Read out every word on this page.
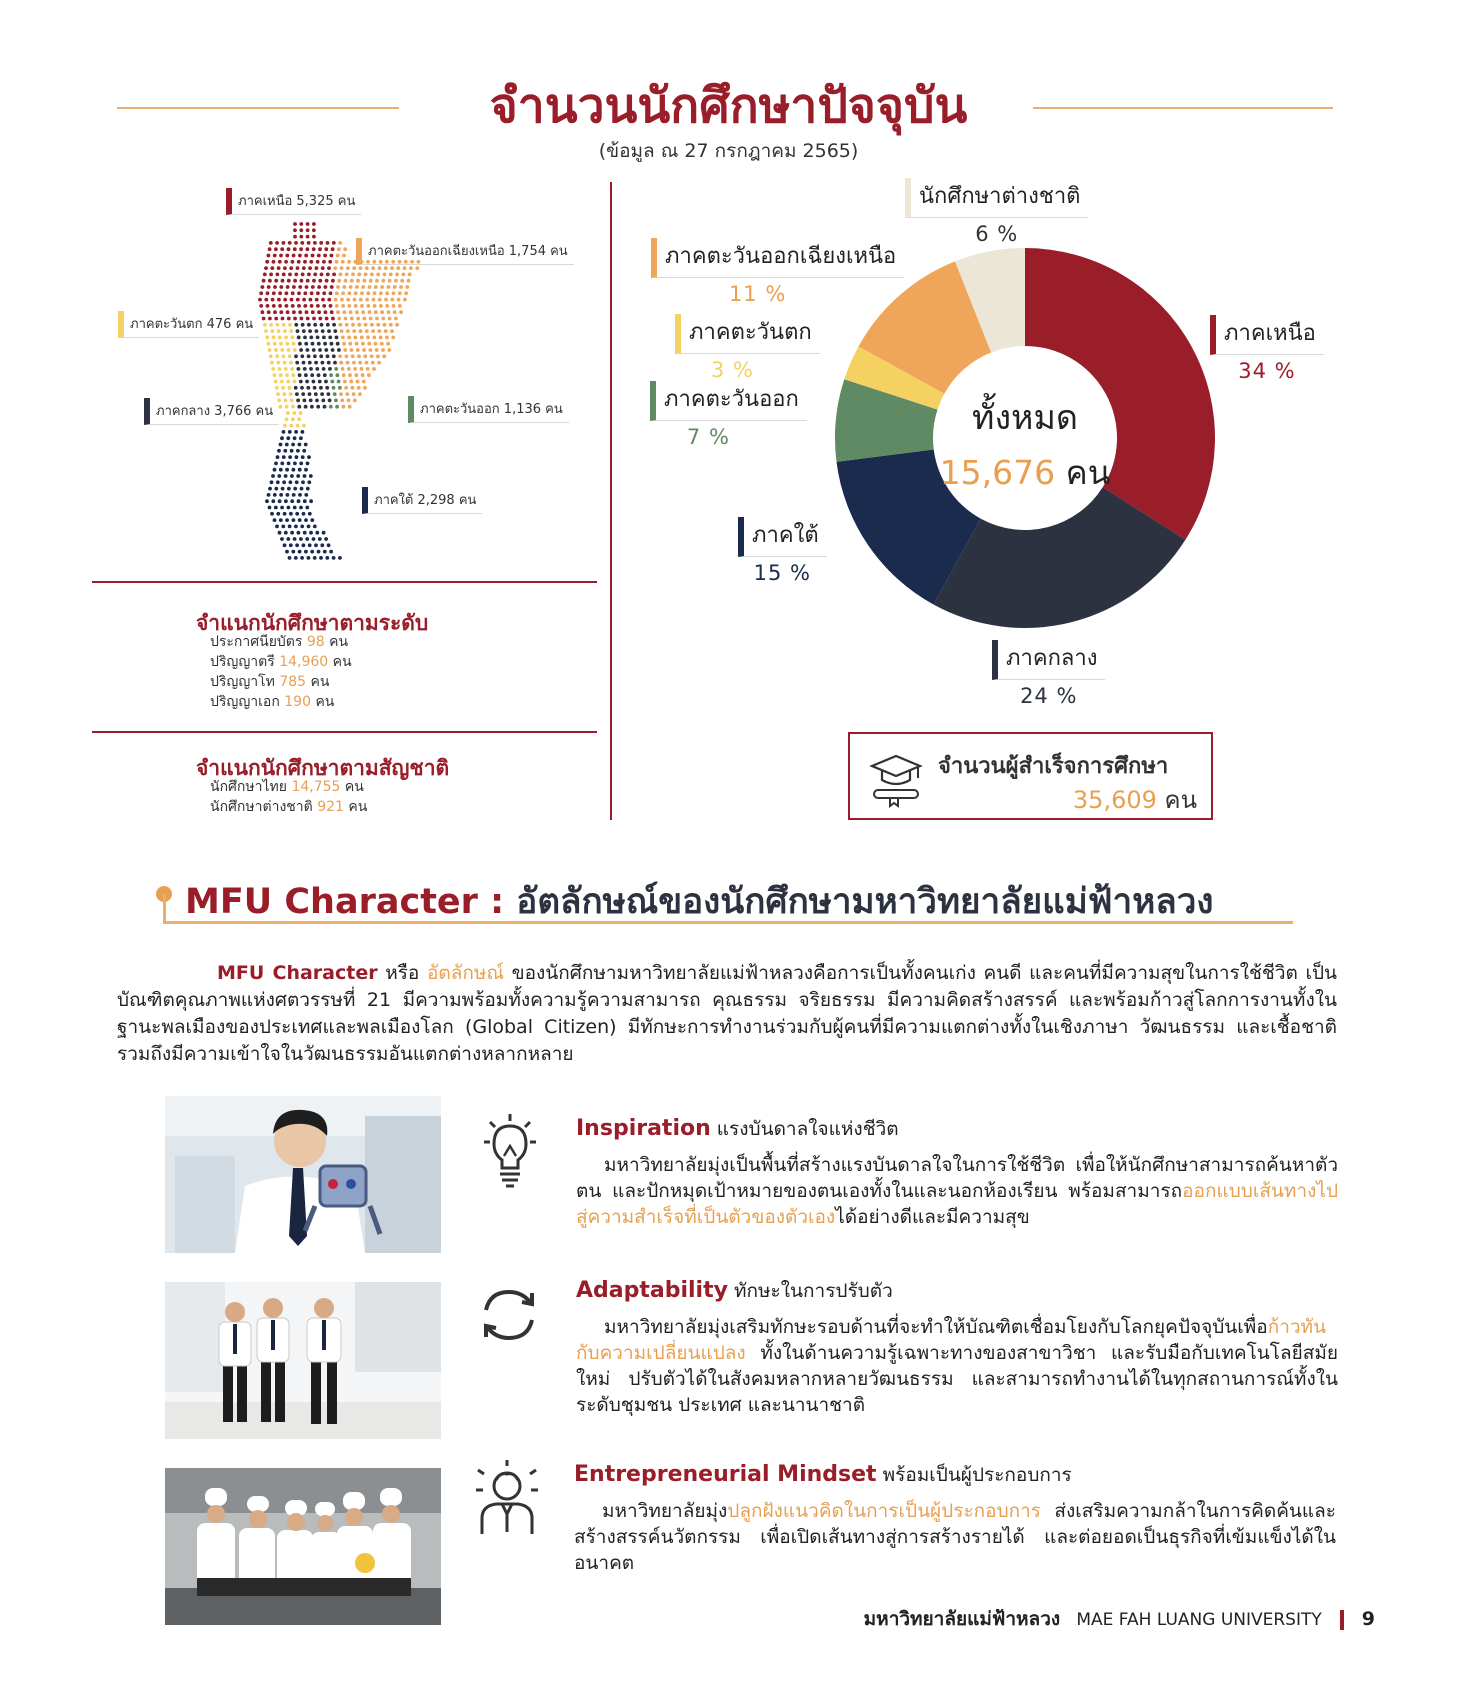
จำนวนนักศึกษาปัจจุบัน
(ข้อมูล ณ 27 กรกฎาคม 2565)
ภาคเหนือ 5,325 คน
ภาคตะวันออกเฉียงเหนือ 1,754 คน
ภาคตะวันตก 476 คน
ภาคกลาง 3,766 คน	ภาคตะวันออก 1,136 คน
ภาคใต้ 2,298 คน
จำแนกนักศึกษาตามระดับ
ประกาศนียบัตร 98 คน
ปริญญาตรี 14,960 คน
ปริญญาโท 785 คน
ปริญญาเอก 190 คน
จำแนกนักศึกษาตามสัญชาติ
นักศึกษาไทย 14,755 คน
นักศึกษาต่างชาติ 921 คน
ทั้งหมด
15,676 คน
นักศึกษาต่างชาติ
6 %
ภาคตะวันออกเฉียงเหนือ
11 %
ภาคตะวันตก
3 %
ภาคตะวันออก
7 %
ภาคใต้
15 %
ภาคกลาง
24 %
ภาคเหนือ
34 %
จำนวนผู้สำเร็จการศึกษา
35,609 คน
MFU Character : อัตลักษณ์ของนักศึกษามหาวิทยาลัยแม่ฟ้าหลวง
MFU Character หรือ อัตลักษณ์ ของนักศึกษามหาวิทยาลัยแม่ฟ้าหลวงคือการเป็นทั้งคนเก่ง คนดี และคนที่มีความสุขในการใช้ชีวิต เป็นบัณฑิตคุณภาพแห่งศตวรรษที่ 21 มีความพร้อมทั้งความรู้ความสามารถ คุณธรรม จริยธรรม มีความคิดสร้างสรรค์ และพร้อมก้าวสู่โลกการงานทั้งในฐานะพลเมืองของประเทศและพลเมืองโลก (Global Citizen) มีทักษะการทำงานร่วมกับผู้คนที่มีความแตกต่างทั้งในเชิงภาษา วัฒนธรรม และเชื้อชาติ รวมถึงมีความเข้าใจในวัฒนธรรมอันแตกต่างหลากหลาย
Inspiration แรงบันดาลใจแห่งชีวิต
มหาวิทยาลัยมุ่งเป็นพื้นที่สร้างแรงบันดาลใจในการใช้ชีวิต เพื่อให้นักศึกษาสามารถค้นหาตัวตน และปักหมุดเป้าหมายของตนเองทั้งในและนอกห้องเรียน พร้อมสามารถออกแบบเส้นทางไปสู่ความสำเร็จที่เป็นตัวของตัวเองได้อย่างดีและมีความสุข
Adaptability ทักษะในการปรับตัว
มหาวิทยาลัยมุ่งเสริมทักษะรอบด้านที่จะทำให้บัณฑิตเชื่อมโยงกับโลกยุคปัจจุบันเพื่อก้าวทันกับความเปลี่ยนแปลง ทั้งในด้านความรู้เฉพาะทางของสาขาวิชา และรับมือกับเทคโนโลยีสมัยใหม่ ปรับตัวได้ในสังคมหลากหลายวัฒนธรรม และสามารถทำงานได้ในทุกสถานการณ์ทั้งในระดับชุมชน ประเทศ และนานาชาติ
Entrepreneurial Mindset พร้อมเป็นผู้ประกอบการ
มหาวิทยาลัยมุ่งปลูกฝังแนวคิดในการเป็นผู้ประกอบการ ส่งเสริมความกล้าในการคิดค้นและสร้างสรรค์นวัตกรรม เพื่อเปิดเส้นทางสู่การสร้างรายได้ และต่อยอดเป็นธุรกิจที่เข้มแข็งได้ในอนาคต
มหาวิทยาลัยแม่ฟ้าหลวง MAE FAH LUANG UNIVERSITY 9
